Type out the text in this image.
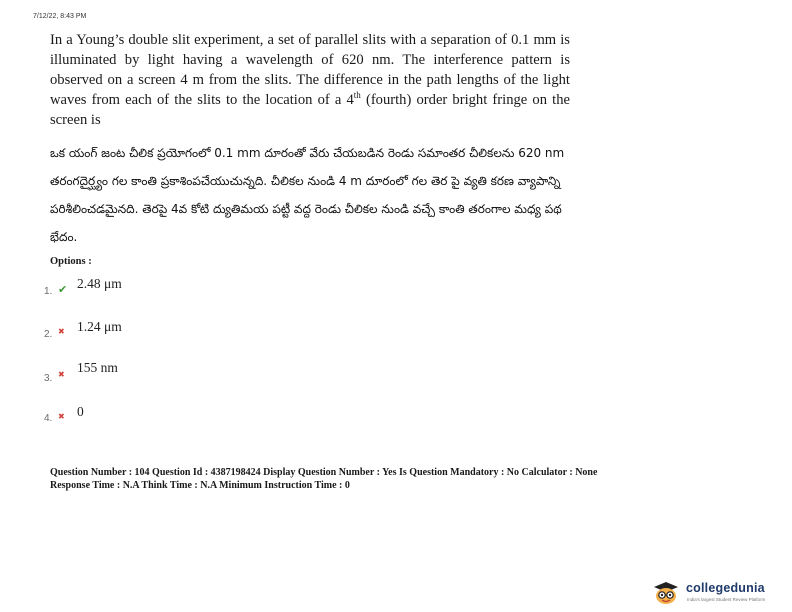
7/12/22, 8:43 PM

In a Young’s double slit experiment, a set of parallel slits with a separation of 0.1 mm is illuminated by light having a wavelength of 620 nm. The interference pattern is observed on a screen 4 m from the slits. The difference in the path lengths of the light waves from each of the slits to the location of a 4th (fourth) order bright fringe on the screen is

ఒక యంగ్ జంట చీలిక ప్రయోగంలో 0.1 mm దూరంతో వేరు చేయబడిన రెండు సమాంతర చీలికలను 620 nm తరంగదైర్ఘ్యం గల కాంతి ప్రకాశింపచేయుచున్నది. చీలికల నుండి 4 m దూరంలో గల తెర పై వ్యతి కరణ వ్యాపాన్ని పరిశీలించడమైనది. తెరపై 4వ కోటి ద్యుతిమయ పట్టీ వద్ద రెండు చీలికల నుండి వచ్చే కాంతి తరంగాల మధ్య పథ భేదం.

Options :
1. ✔ 2.48 μm
2. ✖ 1.24 μm
3. ✖ 155 nm
4. ✖ 0
Question Number : 104 Question Id : 4387198424 Display Question Number : Yes Is Question Mandatory : No Calculator : None
Response Time : N.A Think Time : N.A Minimum Instruction Time : 0
collegedunia
India's largest Student Review Platform
